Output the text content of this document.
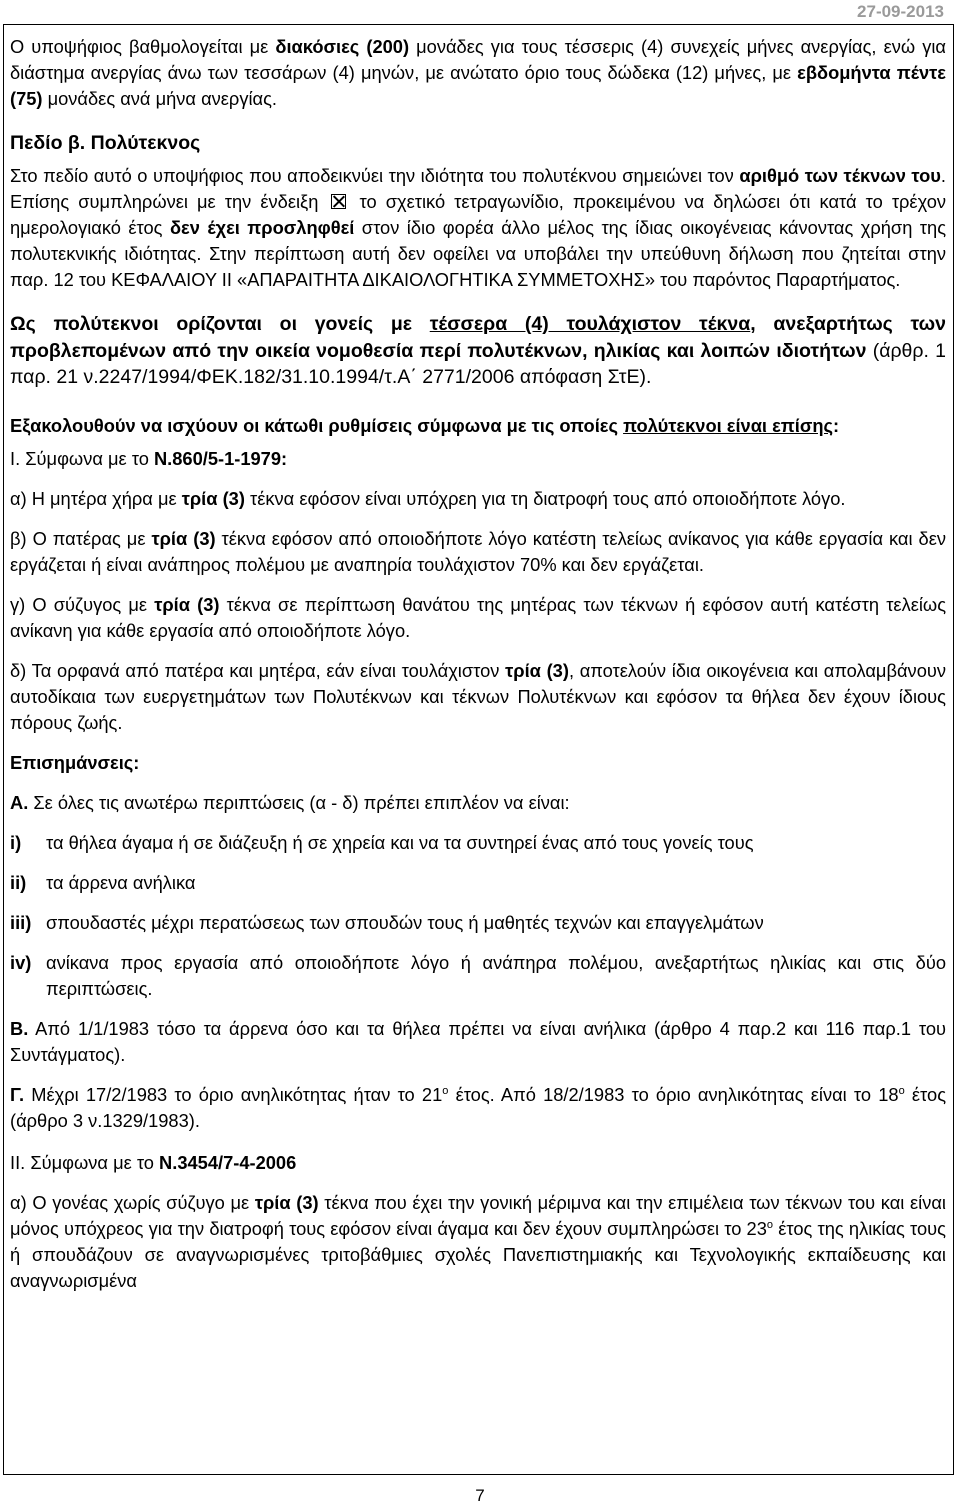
27-09-2013

Ο υποψήφιος βαθμολογείται με διακόσιες (200) μονάδες για τους τέσσερις (4) συνεχείς μήνες ανεργίας, ενώ για διάστημα ανεργίας άνω των τεσσάρων (4) μηνών, με ανώτατο όριο τους δώδεκα (12) μήνες, με εβδομήντα πέντε (75) μονάδες ανά μήνα ανεργίας.

Πεδίο β. Πολύτεκνος

Στο πεδίο αυτό ο υποψήφιος που αποδεικνύει την ιδιότητα του πολυτέκνου σημειώνει τον αριθμό των τέκνων του. Επίσης συμπληρώνει με την ένδειξη  το σχετικό τετραγωνίδιο, προκειμένου να δηλώσει ότι κατά το τρέχον ημερολογιακό έτος δεν έχει προσληφθεί στον ίδιο φορέα άλλο μέλος της ίδιας οικογένειας κάνοντας χρήση της πολυτεκνικής ιδιότητας. Στην περίπτωση αυτή δεν οφείλει να υποβάλει την υπεύθυνη δήλωση που ζητείται στην παρ. 12 του ΚΕΦΑΛΑΙΟΥ ΙΙ «ΑΠΑΡΑΙΤΗΤΑ ΔΙΚΑΙΟΛΟΓΗΤΙΚΑ ΣΥΜΜΕΤΟΧΗΣ» του παρόντος Παραρτήματος.

Ως πολύτεκνοι ορίζονται οι γονείς με τέσσερα (4) τουλάχιστον τέκνα, ανεξαρτήτως των προβλεπομένων από την οικεία νομοθεσία περί πολυτέκνων, ηλικίας και λοιπών ιδιοτήτων (άρθρ. 1 παρ. 21 ν.2247/1994/ΦΕΚ.182/31.10.1994/τ.Α΄ 2771/2006 απόφαση ΣτΕ).

Εξακολουθούν να ισχύουν οι κάτωθι ρυθμίσεις σύμφωνα με τις οποίες πολύτεκνοι είναι επίσης:

Ι. Σύμφωνα με το Ν.860/5-1-1979:

α) Η μητέρα χήρα με τρία (3) τέκνα εφόσον είναι υπόχρεη για τη διατροφή τους από οποιοδήποτε λόγο.

β) Ο πατέρας με τρία (3) τέκνα εφόσον από οποιοδήποτε λόγο κατέστη τελείως ανίκανος για κάθε εργασία και δεν εργάζεται ή είναι ανάπηρος πολέμου με αναπηρία τουλάχιστον 70% και δεν εργάζεται.

γ) Ο σύζυγος με τρία (3) τέκνα σε περίπτωση θανάτου της μητέρας των τέκνων ή εφόσον αυτή κατέστη τελείως ανίκανη για κάθε εργασία από οποιοδήποτε λόγο.

δ) Τα ορφανά από πατέρα και μητέρα, εάν είναι τουλάχιστον τρία (3), αποτελούν ίδια οικογένεια και απολαμβάνουν αυτοδίκαια των ευεργετημάτων των Πολυτέκνων και τέκνων Πολυτέκνων και εφόσον τα θήλεα δεν έχουν ίδιους πόρους ζωής.

Επισημάνσεις:

Α. Σε όλες τις ανωτέρω περιπτώσεις (α - δ) πρέπει επιπλέον να είναι:

i)	τα θήλεα άγαμα ή σε διάζευξη ή σε χηρεία και να τα συντηρεί ένας από τους γονείς τους
ii)	τα άρρενα ανήλικα
iii) σπουδαστές μέχρι περατώσεως των σπουδών τους ή μαθητές τεχνών και επαγγελμάτων
iv) ανίκανα προς εργασία από οποιοδήποτε λόγο ή ανάπηρα πολέμου, ανεξαρτήτως ηλικίας και στις δύο περιπτώσεις.

Β. Από 1/1/1983 τόσο τα άρρενα όσο και τα θήλεα πρέπει να είναι ανήλικα (άρθρο 4 παρ.2 και 116 παρ.1 του Συντάγματος).

Γ. Μέχρι 17/2/1983 το όριο ανηλικότητας ήταν το $21^o$ έτος. Από 18/2/1983 το όριο ανηλικότητας είναι το $18^o$ έτος (άρθρο 3 ν.1329/1983).

ΙΙ. Σύμφωνα με το Ν.3454/7-4-2006

α) Ο γονέας χωρίς σύζυγο με τρία (3) τέκνα που έχει την γονική μέριμνα και την επιμέλεια των τέκνων του και είναι μόνος υπόχρεος για την διατροφή τους εφόσον είναι άγαμα και δεν έχουν συμπληρώσει το $23^o$ έτος της ηλικίας τους ή σπουδάζουν σε αναγνωρισμένες τριτοβάθμιες σχολές Πανεπιστημιακής και Τεχνολογικής εκπαίδευσης και αναγνωρισμένα

7
